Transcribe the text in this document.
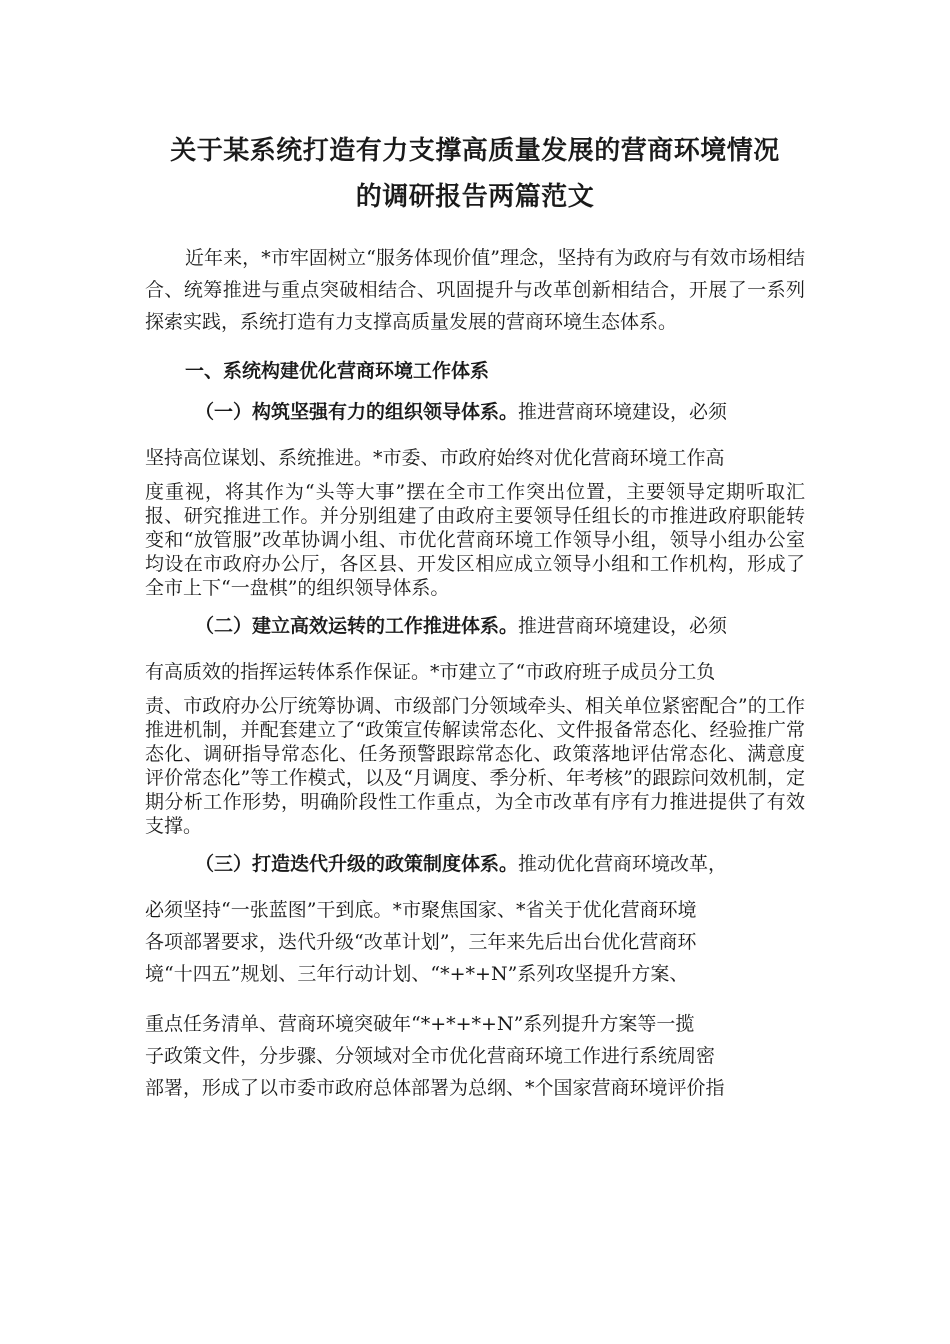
关于某系统打造有力支撑高质量发展的营商环境情况
的调研报告两篇范文

近年来，*市牢固树立“服务体现价值”理念，坚持有为政府与有效市场相结合、统筹推进与重点突破相结合、巩固提升与改革创新相结合，开展了一系列探索实践，系统打造有力支撑高质量发展的营商环境生态体系。

一、系统构建优化营商环境工作体系
（一）构筑坚强有力的组织领导体系。推进营商环境建设，必须
坚持高位谋划、系统推进。*市委、市政府始终对优化营商环境工作高

度重视，将其作为“头等大事”摆在全市工作突出位置，主要领导定期听取汇报、研究推进工作。并分别组建了由政府主要领导任组长的市推进政府职能转变和“放管服”改革协调小组、市优化营商环境工作领导小组，领导小组办公室均设在市政府办公厅，各区县、开发区相应成立领导小组和工作机构，形成了全市上下“一盘棋”的组织领导体系。

（二）建立高效运转的工作推进体系。推进营商环境建设，必须
有高质效的指挥运转体系作保证。*市建立了“市政府班子成员分工负

责、市政府办公厅统筹协调、市级部门分领域牵头、相关单位紧密配合”的工作推进机制，并配套建立了“政策宣传解读常态化、文件报备常态化、经验推广常态化、调研指导常态化、任务预警跟踪常态化、政策落地评估常态化、满意度评价常态化”等工作模式，以及“月调度、季分析、年考核”的跟踪问效机制，定期分析工作形势，明确阶段性工作重点，为全市改革有序有力推进提供了有效支撑。

（三）打造迭代升级的政策制度体系。推动优化营商环境改革，

必须坚持“一张蓝图”干到底。*市聚焦国家、*省关于优化营商环境

各项部署要求，迭代升级“改革计划”，三年来先后出台优化营商环

境“十四五”规划、三年行动计划、“*+*+N”系列攻坚提升方案、

重点任务清单、营商环境突破年“*+*+*+N”系列提升方案等一揽

子政策文件，分步骤、分领域对全市优化营商环境工作进行系统周密

部署，形成了以市委市政府总体部署为总纲、*个国家营商环境评价指
